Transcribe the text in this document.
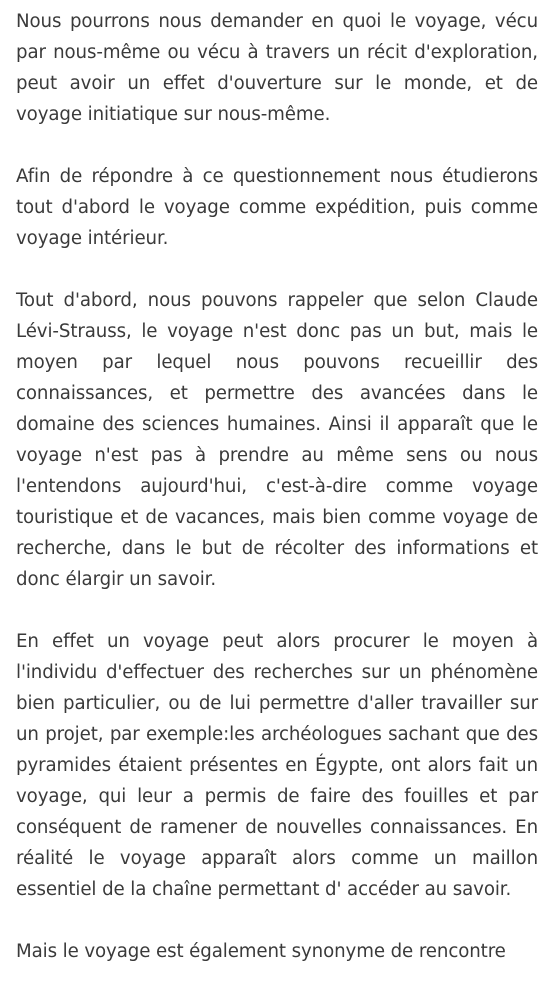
Nous pourrons nous demander en quoi le voyage, vécu par nous-même ou vécu à travers un récit d'exploration, peut avoir un effet d'ouverture sur le monde, et de voyage initiatique sur nous-même.

Afin de répondre à ce questionnement nous étudierons tout d'abord le voyage comme expédition, puis comme voyage intérieur.

Tout d'abord, nous pouvons rappeler que selon Claude Lévi-Strauss, le voyage n'est donc pas un but, mais le moyen par lequel nous pouvons recueillir des connaissances, et permettre des avancées dans le domaine des sciences humaines. Ainsi il apparaît que le voyage n'est pas à prendre au même sens ou nous l'entendons aujourd'hui, c'est-à-dire comme voyage touristique et de vacances, mais bien comme voyage de recherche, dans le but de récolter des informations et donc élargir un savoir.

En effet un voyage peut alors procurer le moyen à l'individu d'effectuer des recherches sur un phénomène bien particulier, ou de lui permettre d'aller travailler sur un projet, par exemple:les archéologues sachant que des pyramides étaient présentes en Égypte, ont alors fait un voyage, qui leur a permis de faire des fouilles et par conséquent de ramener de nouvelles connaissances. En réalité le voyage apparaît alors comme un maillon essentiel de la chaîne permettant d' accéder au savoir.

Mais le voyage est également synonyme de rencontre
